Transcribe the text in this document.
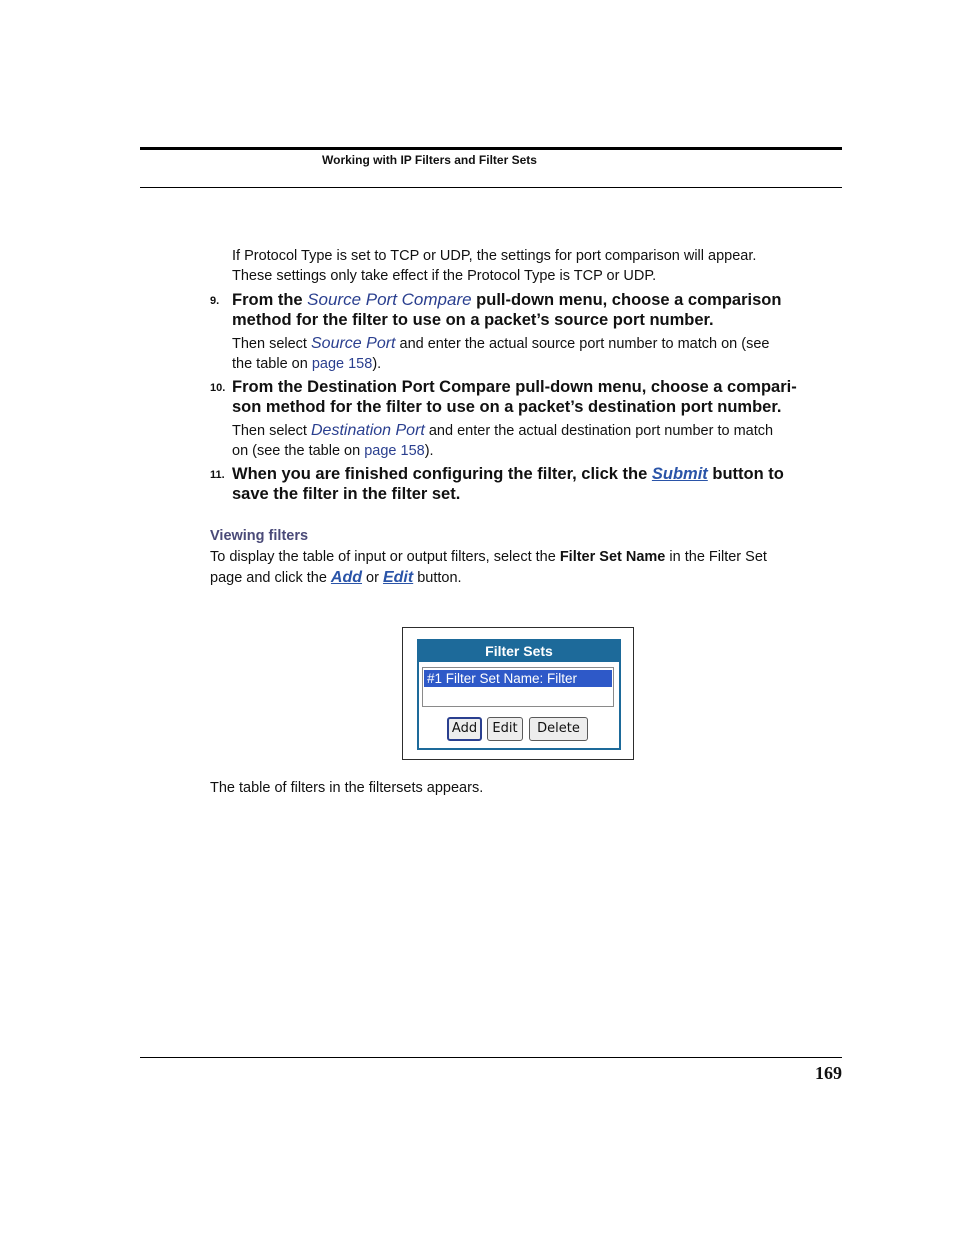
Working with IP Filters and Filter Sets
If Protocol Type is set to TCP or UDP, the settings for port comparison will appear.
These settings only take effect if the Protocol Type is TCP or UDP.
9. From the Source Port Compare pull-down menu, choose a comparison
method for the filter to use on a packet’s source port number.
Then select Source Port and enter the actual source port number to match on (see
the table on page 158).
10. From the Destination Port Compare pull-down menu, choose a compari-
son method for the filter to use on a packet’s destination port number.
Then select Destination Port and enter the actual destination port number to match
on (see the table on page 158).
11. When you are finished configuring the filter, click the Submit button to
save the filter in the filter set.
Viewing filters
To display the table of input or output filters, select the Filter Set Name in the Filter Set
page and click the Add or Edit button.
Filter Sets
#1 Filter Set Name: Filter
Add	Edit	Delete
The table of filters in the filtersets appears.
169
